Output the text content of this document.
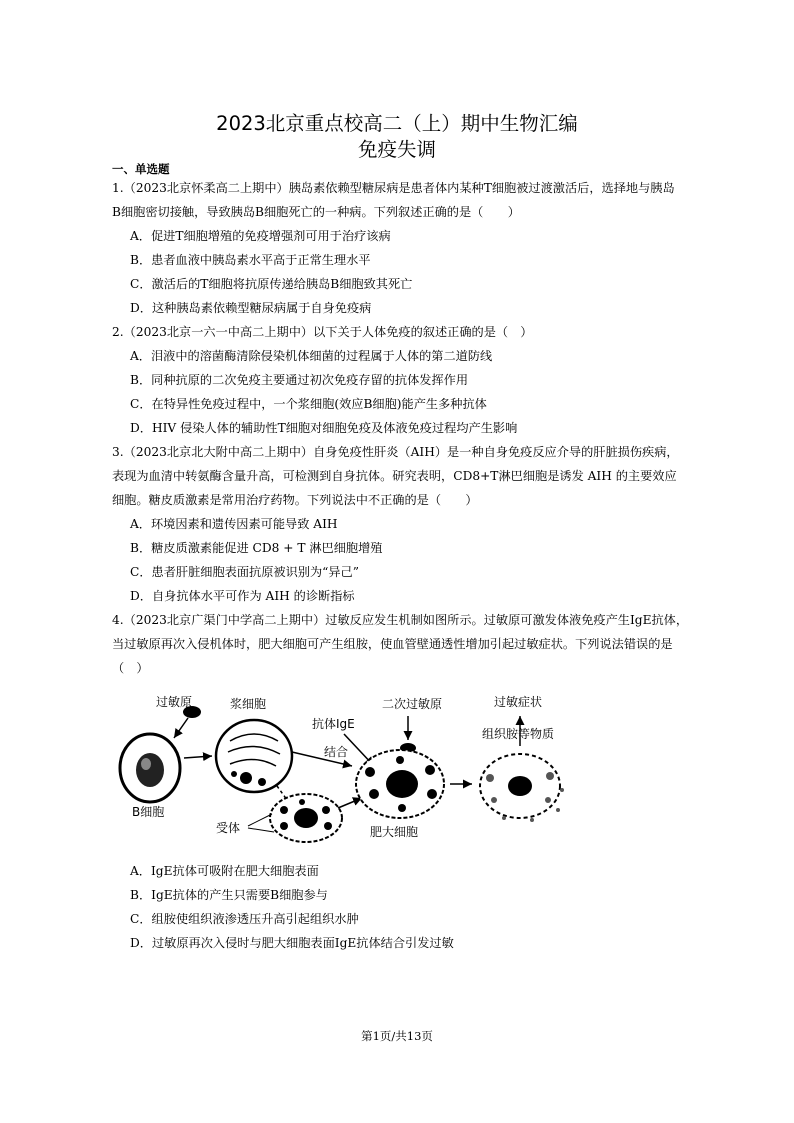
2023北京重点校高二（上）期中生物汇编
免疫失调
一、单选题
1.（2023北京怀柔高二上期中）胰岛素依赖型糖尿病是患者体内某种T细胞被过渡激活后，选择地与胰岛
B细胞密切接触，导致胰岛B细胞死亡的一种病。下列叙述正确的是（　　）
A．促进T细胞增殖的免疫增强剂可用于治疗该病
B．患者血液中胰岛素水平高于正常生理水平
C．激活后的T细胞将抗原传递给胰岛B细胞致其死亡
D．这种胰岛素依赖型糖尿病属于自身免疫病
2.（2023北京一六一中高二上期中）以下关于人体免疫的叙述正确的是（　）
A．泪液中的溶菌酶清除侵染机体细菌的过程属于人体的第二道防线
B．同种抗原的二次免疫主要通过初次免疫存留的抗体发挥作用
C．在特异性免疫过程中，一个浆细胞(效应B细胞)能产生多种抗体
D．HIV 侵染人体的辅助性T细胞对细胞免疫及体液免疫过程均产生影响
3.（2023北京北大附中高二上期中）自身免疫性肝炎（AIH）是一种自身免疫反应介导的肝脏损伤疾病，
表现为血清中转氨酶含量升高，可检测到自身抗体。研究表明，CD8+T淋巴细胞是诱发 AIH 的主要效应
细胞。糖皮质激素是常用治疗药物。下列说法中不正确的是（　　）
A．环境因素和遗传因素可能导致 AIH
B．糖皮质激素能促进 CD8 + T 淋巴细胞增殖
C．患者肝脏细胞表面抗原被识别为“异己”
D．自身抗体水平可作为 AIH 的诊断指标
4.（2023北京广渠门中学高二上期中）过敏反应发生机制如图所示。过敏原可激发体液免疫产生IgE抗体，
当过敏原再次入侵机体时，肥大细胞可产生组胺，使血管壁通透性增加引起过敏症状。下列说法错误的是
（　）
过敏原
B细胞
浆细胞
抗体IgE
结合
二次过敏原
受体	肥大细胞
过敏症状
组织胺等物质
A．IgE抗体可吸附在肥大细胞表面
B．IgE抗体的产生只需要B细胞参与
C．组胺使组织液渗透压升高引起组织水肿
D．过敏原再次入侵时与肥大细胞表面IgE抗体结合引发过敏
第1页/共13页
